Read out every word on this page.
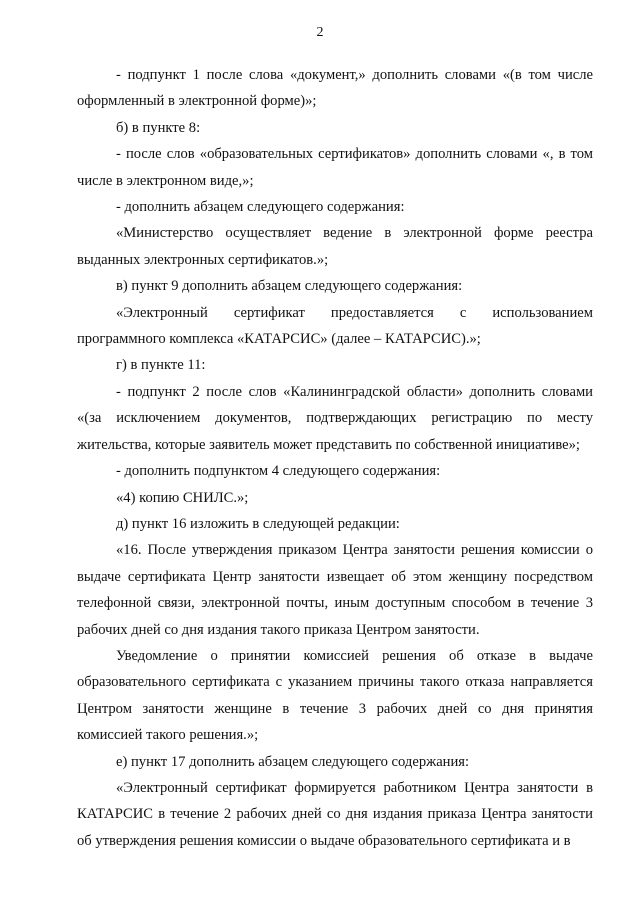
2

- подпункт 1 после слова «документ,» дополнить словами «(в том числе оформленный в электронной форме)»;

б) в пункте 8:

- после слов «образовательных сертификатов» дополнить словами «, в том числе в электронном виде,»;

- дополнить абзацем следующего содержания:

«Министерство осуществляет ведение в электронной форме реестра выданных электронных сертификатов.»;

в) пункт 9 дополнить абзацем следующего содержания:

«Электронный сертификат предоставляется с использованием программного комплекса «КАТАРСИС» (далее – КАТАРСИС).»;

г) в пункте 11:

- подпункт 2 после слов «Калининградской области» дополнить словами «(за исключением документов, подтверждающих регистрацию по месту жительства, которые заявитель может представить по собственной инициативе»;

- дополнить подпунктом 4 следующего содержания:

«4) копию СНИЛС.»;

д) пункт 16 изложить в следующей редакции:

«16. После утверждения приказом Центра занятости решения комиссии о выдаче сертификата Центр занятости извещает об этом женщину посредством телефонной связи, электронной почты, иным доступным способом в течение 3 рабочих дней со дня издания такого приказа Центром занятости.

Уведомление о принятии комиссией решения об отказе в выдаче образовательного сертификата с указанием причины такого отказа направляется Центром занятости женщине в течение 3 рабочих дней со дня принятия комиссией такого решения.»;

е) пункт 17 дополнить абзацем следующего содержания:

«Электронный сертификат формируется работником Центра занятости в КАТАРСИС в течение 2 рабочих дней со дня издания приказа Центра занятости об утверждения решения комиссии о выдаче образовательного сертификата и в
